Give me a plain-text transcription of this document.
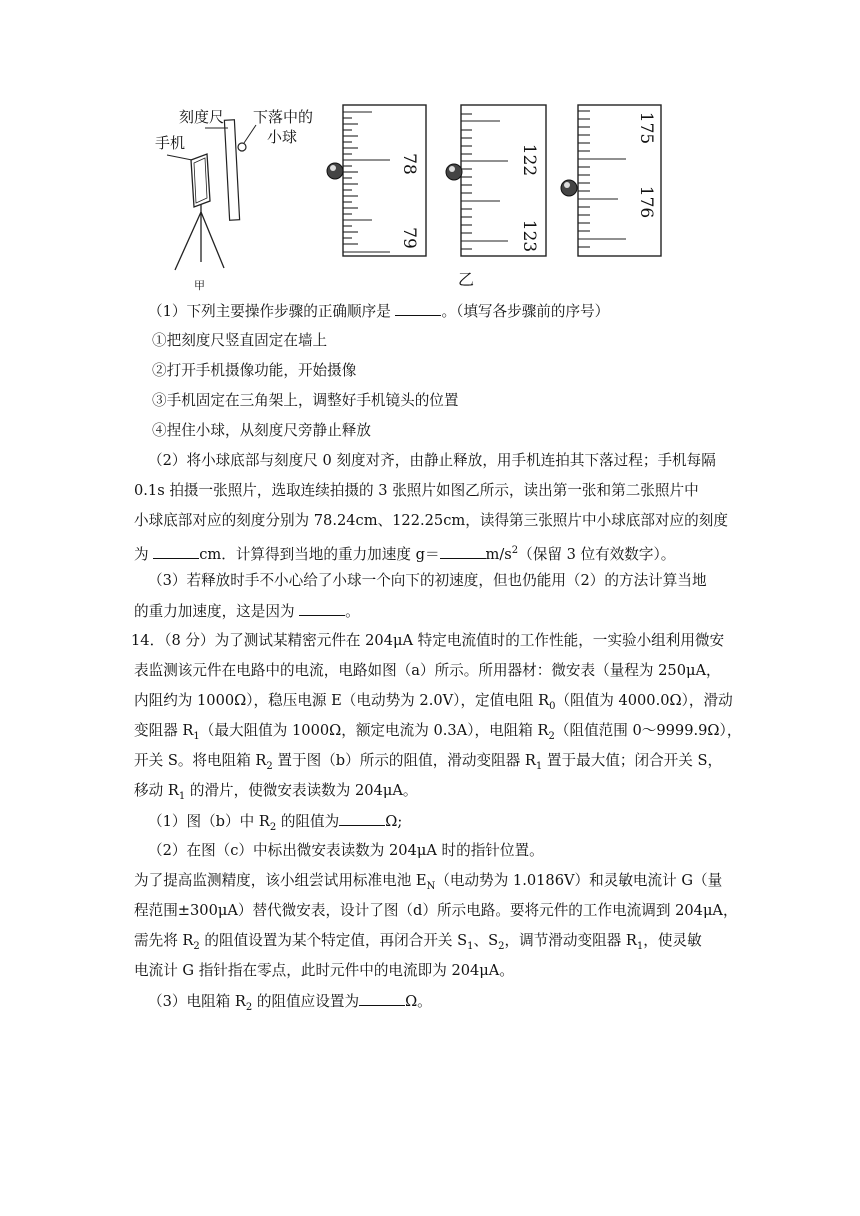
刻度尺 下落中的
小球
手机
甲
78
79
122
123
175
176
乙
（1）下列主要操作步骤的正确顺序是	。（填写各步骤前的序号）
①把刻度尺竖直固定在墙上
②打开手机摄像功能，开始摄像
③手机固定在三角架上，调整好手机镜头的位置
④捏住小球，从刻度尺旁静止释放
（2）将小球底部与刻度尺 0 刻度对齐，由静止释放，用手机连拍其下落过程；手机每隔
0.1s 拍摄一张照片，选取连续拍摄的 3 张照片如图乙所示，读出第一张和第二张照片中
小球底部对应的刻度分别为 78.24cm、122.25cm，读得第三张照片中小球底部对应的刻度
为	cm．计算得到当地的重力加速度 g＝	$m/s^2$（保留 3 位有效数字）。
（3）若释放时手不小心给了小球一个向下的初速度，但也仍能用（2）的方法计算当地
的重力加速度，这是因为	。
14．（8 分）为了测试某精密元件在 204μA 特定电流值时的工作性能，一实验小组利用微安
表监测该元件在电路中的电流，电路如图（a）所示。所用器材：微安表（量程为 250μA，
内阻约为 1000Ω），稳压电源 E（电动势为 2.0V），定值电阻 $R_0$（阻值为 4000.0Ω），滑动
变阻器 $R_1$（最大阻值为 1000Ω，额定电流为 0.3A），电阻箱 $R_2$（阻值范围 0～9999.9Ω），
开关 S。将电阻箱 $R_2$ 置于图（b）所示的阻值，滑动变阻器 $R_1$ 置于最大值；闭合开关 S，
移动 $R_1$ 的滑片，使微安表读数为 204μA。
（1）图（b）中 $R_2$ 的阻值为	Ω;
（2）在图（c）中标出微安表读数为 204μA 时的指针位置。
为了提高监测精度，该小组尝试用标准电池 $E_N$（电动势为 1.0186V）和灵敏电流计 G（量
程范围±300μA）替代微安表，设计了图（d）所示电路。要将元件的工作电流调到 204μA，
需先将 $R_2$ 的阻值设置为某个特定值，再闭合开关 $S_1$、$S_2$，调节滑动变阻器 $R_1$，使灵敏
电流计 G 指针指在零点，此时元件中的电流即为 204μA。
（3）电阻箱 $R_2$ 的阻值应设置为	Ω。
